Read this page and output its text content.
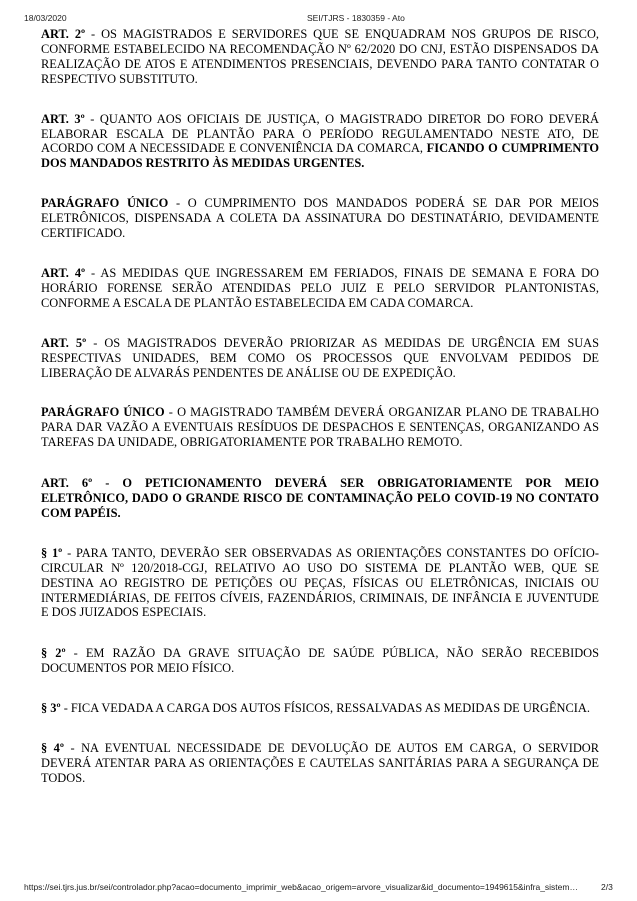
18/03/2020	SEI/TJRS - 1830359 - Ato

ART. 2º - OS MAGISTRADOS E SERVIDORES QUE SE ENQUADRAM NOS GRUPOS DE RISCO, CONFORME ESTABELECIDO NA RECOMENDAÇÃO Nº 62/2020 DO CNJ, ESTÃO DISPENSADOS DA REALIZAÇÃO DE ATOS E ATENDIMENTOS PRESENCIAIS, DEVENDO PARA TANTO CONTATAR O RESPECTIVO SUBSTITUTO.

ART. 3º - QUANTO AOS OFICIAIS DE JUSTIÇA, O MAGISTRADO DIRETOR DO FORO DEVERÁ ELABORAR ESCALA DE PLANTÃO PARA O PERÍODO REGULAMENTADO NESTE ATO, DE ACORDO COM A NECESSIDADE E CONVENIÊNCIA DA COMARCA, FICANDO O CUMPRIMENTO DOS MANDADOS RESTRITO ÀS MEDIDAS URGENTES.

PARÁGRAFO ÚNICO - O CUMPRIMENTO DOS MANDADOS PODERÁ SE DAR POR MEIOS ELETRÔNICOS, DISPENSADA A COLETA DA ASSINATURA DO DESTINATÁRIO, DEVIDAMENTE CERTIFICADO.

ART. 4º - AS MEDIDAS QUE INGRESSAREM EM FERIADOS, FINAIS DE SEMANA E FORA DO HORÁRIO FORENSE SERÃO ATENDIDAS PELO JUIZ E PELO SERVIDOR PLANTONISTAS, CONFORME A ESCALA DE PLANTÃO ESTABELECIDA EM CADA COMARCA.

ART. 5º - OS MAGISTRADOS DEVERÃO PRIORIZAR AS MEDIDAS DE URGÊNCIA EM SUAS RESPECTIVAS UNIDADES, BEM COMO OS PROCESSOS QUE ENVOLVAM PEDIDOS DE LIBERAÇÃO DE ALVARÁS PENDENTES DE ANÁLISE OU DE EXPEDIÇÃO.

PARÁGRAFO ÚNICO - O MAGISTRADO TAMBÉM DEVERÁ ORGANIZAR PLANO DE TRABALHO PARA DAR VAZÃO A EVENTUAIS RESÍDUOS DE DESPACHOS E SENTENÇAS, ORGANIZANDO AS TAREFAS DA UNIDADE, OBRIGATORIAMENTE POR TRABALHO REMOTO.

ART. 6º - O PETICIONAMENTO DEVERÁ SER OBRIGATORIAMENTE POR MEIO ELETRÔNICO, DADO O GRANDE RISCO DE CONTAMINAÇÃO PELO COVID-19 NO CONTATO COM PAPÉIS.

§ 1º - PARA TANTO, DEVERÃO SER OBSERVADAS AS ORIENTAÇÕES CONSTANTES DO OFÍCIO-CIRCULAR Nº 120/2018-CGJ, RELATIVO AO USO DO SISTEMA DE PLANTÃO WEB, QUE SE DESTINA AO REGISTRO DE PETIÇÕES OU PEÇAS, FÍSICAS OU ELETRÔNICAS, INICIAIS OU INTERMEDIÁRIAS, DE FEITOS CÍVEIS, FAZENDÁRIOS, CRIMINAIS, DE INFÂNCIA E JUVENTUDE E DOS JUIZADOS ESPECIAIS.

§ 2º - EM RAZÃO DA GRAVE SITUAÇÃO DE SAÚDE PÚBLICA, NÃO SERÃO RECEBIDOS DOCUMENTOS POR MEIO FÍSICO.

§ 3º - FICA VEDADA A CARGA DOS AUTOS FÍSICOS, RESSALVADAS AS MEDIDAS DE URGÊNCIA.

§ 4º - NA EVENTUAL NECESSIDADE DE DEVOLUÇÃO DE AUTOS EM CARGA, O SERVIDOR DEVERÁ ATENTAR PARA AS ORIENTAÇÕES E CAUTELAS SANITÁRIAS PARA A SEGURANÇA DE TODOS.

https://sei.tjrs.jus.br/sei/controlador.php?acao=documento_imprimir_web&acao_origem=arvore_visualizar&id_documento=1949615&infra_sistem…	2/3
